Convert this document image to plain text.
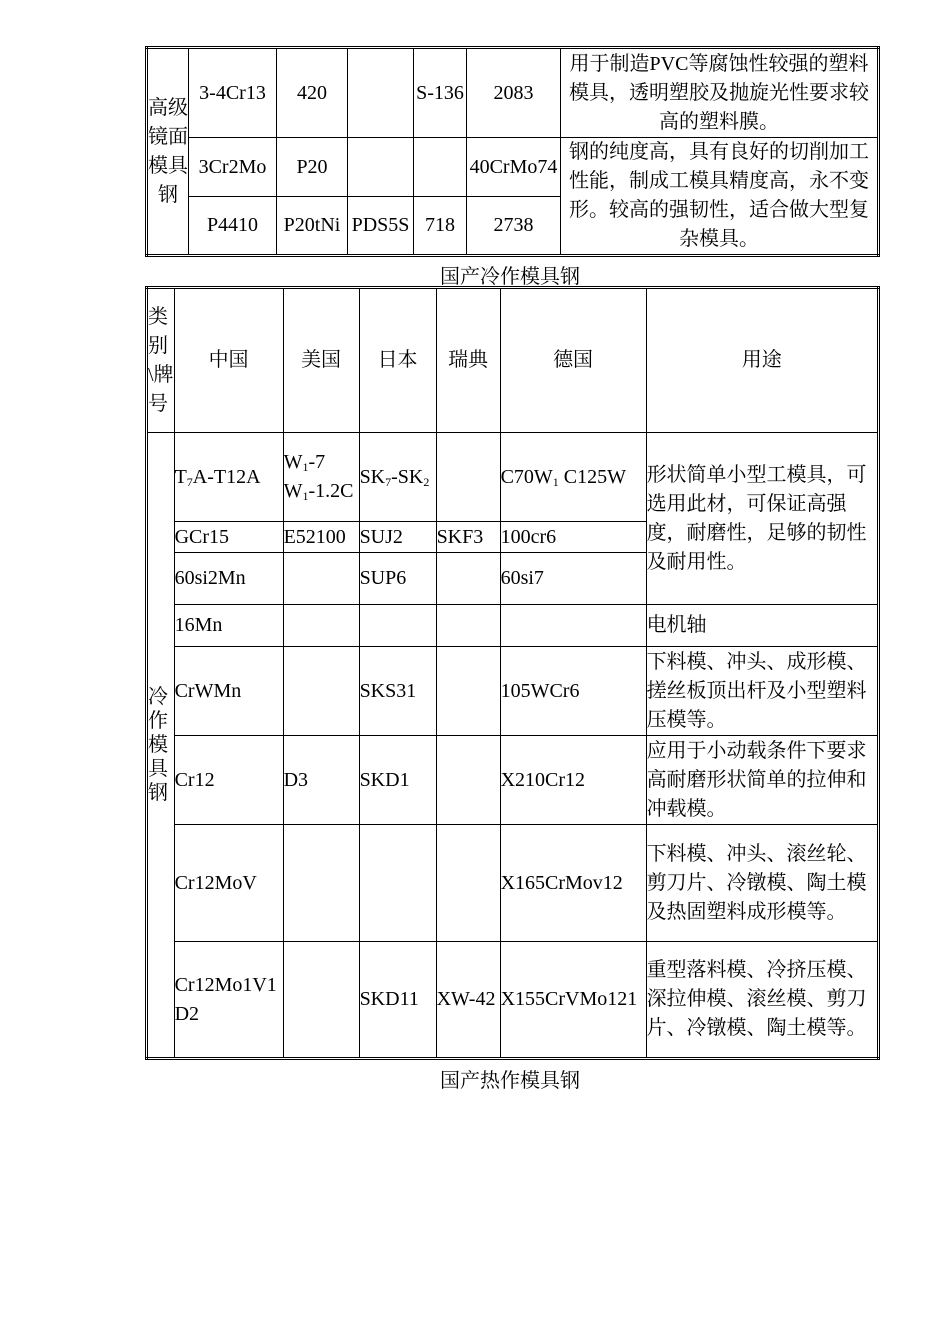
高级镜面模具钢	3-4Cr13	420		S-136	2083	用于制造PVC等腐蚀性较强的塑料模具，透明塑胶及抛旋光性要求较高的塑料膜。
	3Cr2Mo	P20			40CrMo74	钢的纯度高，具有良好的切削加工性能，制成工模具精度高，永不变形。较高的强韧性，适合做大型复杂模具。
	P4410	P20tNi	PDS5S	718	2738	
国产冷作模具钢
类别\牌号	中国	美国	日本	瑞典	德国	用途
冷作模具钢	$T_7A-T12A$	$W_1-7$
$W_1-1.2C$	$SK_7-SK_2$		$C70W_1$ C125W	形状简单小型工模具，可选用此材，可保证高强度，耐磨性，足够的韧性及耐用性。
	GCr15	E52100	SUJ2	SKF3	100cr6	
	60si2Mn		SUP6		60si7	
	16Mn					电机轴
	CrWMn		SKS31		105WCr6	下料模、冲头、成形模、搓丝板顶出杆及小型塑料压模等。
	Cr12	D3	SKD1		X210Cr12	应用于小动载条件下要求高耐磨形状简单的拉伸和冲载模。
	Cr12MoV				X165CrMov12	下料模、冲头、滚丝轮、剪刀片、冷镦模、陶土模及热固塑料成形模等。
	Cr12Mo1V1
D2		SKD11	XW-42	X155CrVMo121	重型落料模、冷挤压模、深拉伸模、滚丝模、剪刀片、冷镦模、陶土模等。
国产热作模具钢
